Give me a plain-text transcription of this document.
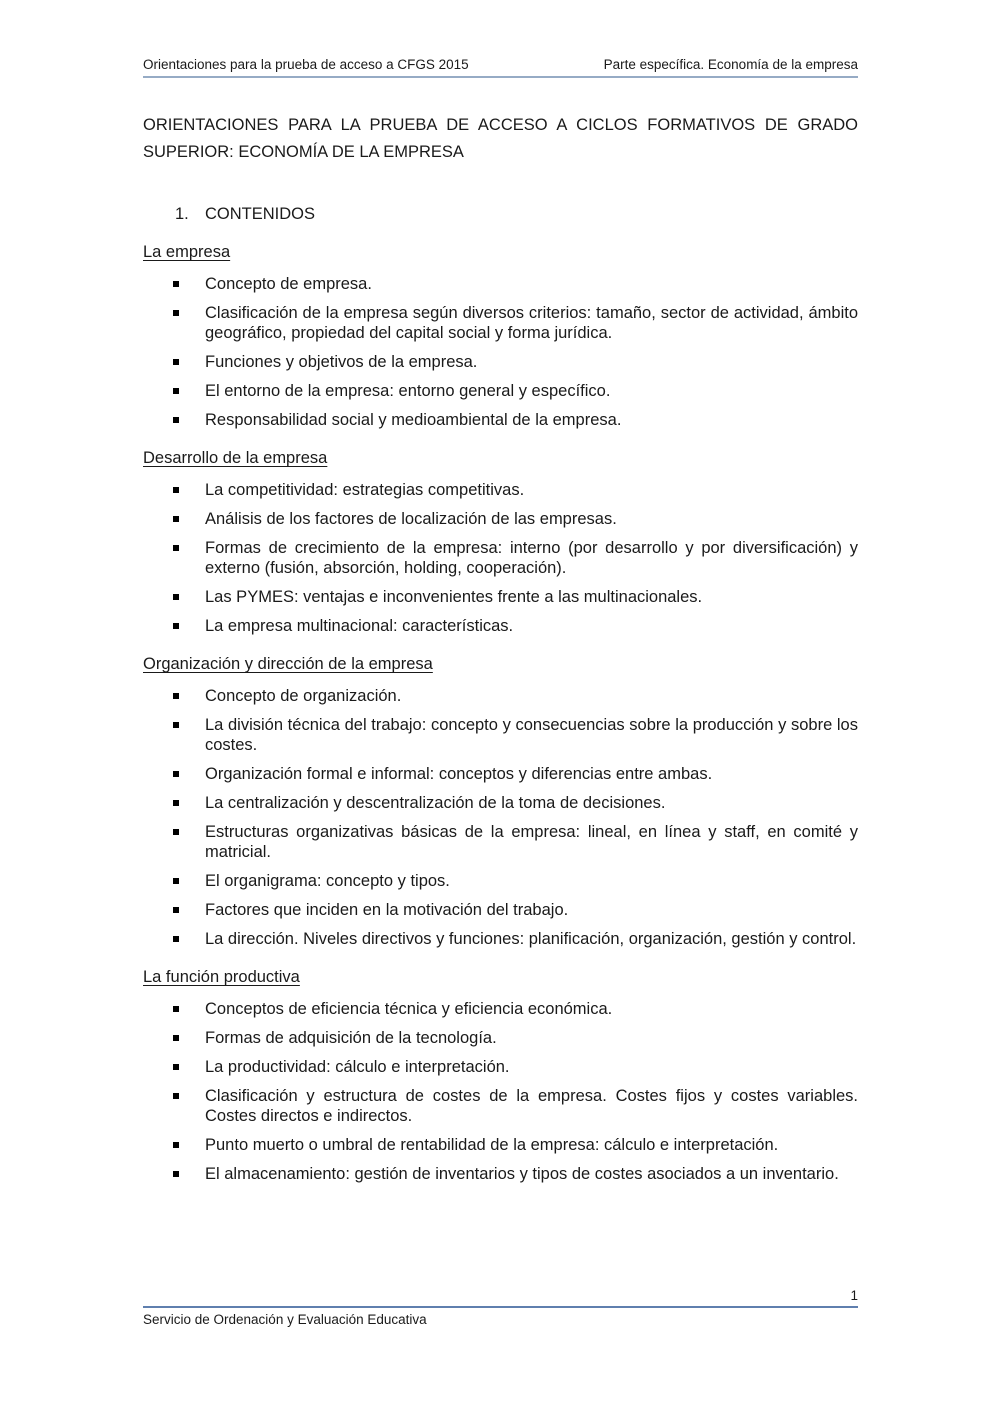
Orientaciones para la prueba de acceso a CFGS 2015	Parte específica. Economía de la empresa
ORIENTACIONES PARA LA PRUEBA DE ACCESO A CICLOS FORMATIVOS DE GRADO
SUPERIOR: ECONOMÍA DE LA EMPRESA
1. CONTENIDOS
La empresa
Concepto de empresa.
Clasificación de la empresa según diversos criterios: tamaño, sector de actividad, ámbito geográfico, propiedad del capital social y forma jurídica.
Funciones y objetivos de la empresa.
El entorno de la empresa: entorno general y específico.
Responsabilidad social y medioambiental de la empresa.
Desarrollo de la empresa
La competitividad: estrategias competitivas.
Análisis de los factores de localización de las empresas.
Formas de crecimiento de la empresa: interno (por desarrollo y por diversificación) y externo (fusión, absorción, holding, cooperación).
Las PYMES: ventajas e inconvenientes frente a las multinacionales.
La empresa multinacional: características.
Organización y dirección de la empresa
Concepto de organización.
La división técnica del trabajo: concepto y consecuencias sobre la producción y sobre los costes.
Organización formal e informal: conceptos y diferencias entre ambas.
La centralización y descentralización de la toma de decisiones.
Estructuras organizativas básicas de la empresa: lineal, en línea y staff, en comité y matricial.
El organigrama: concepto y tipos.
Factores que inciden en la motivación del trabajo.
La dirección. Niveles directivos y funciones: planificación, organización, gestión y control.
La función productiva
Conceptos de eficiencia técnica y eficiencia económica.
Formas de adquisición de la tecnología.
La productividad: cálculo e interpretación.
Clasificación y estructura de costes de la empresa. Costes fijos y costes variables. Costes directos e indirectos.
Punto muerto o umbral de rentabilidad de la empresa: cálculo e interpretación.
El almacenamiento: gestión de inventarios y tipos de costes asociados a un inventario.
1
Servicio de Ordenación y Evaluación Educativa
